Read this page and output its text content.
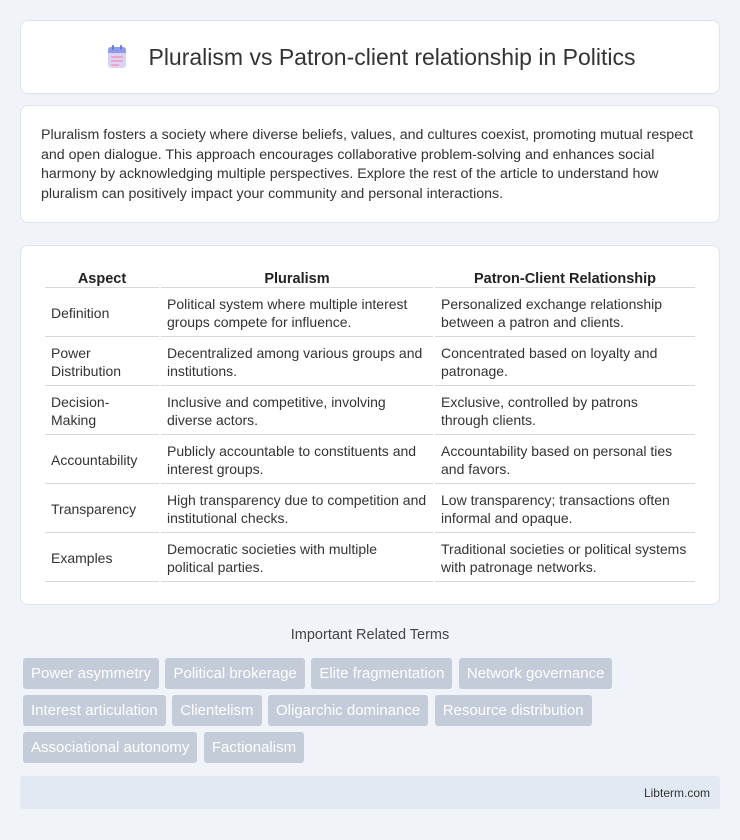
Pluralism vs Patron-client relationship in Politics

Pluralism fosters a society where diverse beliefs, values, and cultures coexist, promoting mutual respect and open dialogue. This approach encourages collaborative problem-solving and enhances social harmony by acknowledging multiple perspectives. Explore the rest of the article to understand how pluralism can positively impact your community and personal interactions.

Aspect	Pluralism	Patron-Client Relationship
Definition	Political system where multiple interest groups compete for influence.	Personalized exchange relationship between a patron and clients.
Power Distribution	Decentralized among various groups and institutions.	Concentrated based on loyalty and patronage.
Decision-Making	Inclusive and competitive, involving diverse actors.	Exclusive, controlled by patrons through clients.
Accountability	Publicly accountable to constituents and interest groups.	Accountability based on personal ties and favors.
Transparency	High transparency due to competition and institutional checks.	Low transparency; transactions often informal and opaque.
Examples	Democratic societies with multiple political parties.	Traditional societies or political systems with patronage networks.
Important Related Terms
Power asymmetry Political brokerage Elite fragmentation Network governance Interest articulation Clientelism Oligarchic dominance Resource distribution Associational autonomy Factionalism
Libterm.com
